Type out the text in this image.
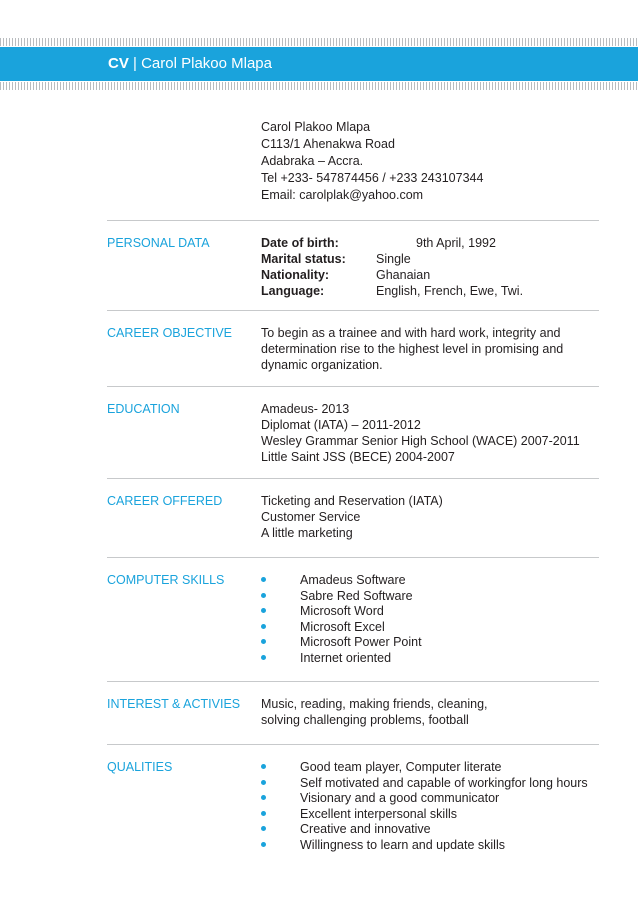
CV | Carol Plakoo Mlapa
Carol Plakoo Mlapa
C113/1 Ahenakwa Road
Adabraka – Accra.
Tel +233- 547874456 / +233 243107344
Email: carolplak@yahoo.com
PERSONAL DATA	Date of birth:	9th April, 1992
Marital status: Single
Nationality:	Ghanaian
Language:	English, French, Ewe, Twi.
CAREER OBJECTIVE To begin as a trainee and with hard work, integrity and
determination rise to the highest level in promising and
dynamic organization.
EDUCATION	Amadeus- 2013
Diplomat (IATA) – 2011-2012
Wesley Grammar Senior High School (WACE) 2007-2011
Little Saint JSS (BECE) 2004-2007
CAREER OFFERED	Ticketing and Reservation (IATA)
Customer Service
A little marketing
COMPUTER SKILLS	Amadeus Software
Sabre Red Software
Microsoft Word
Microsoft Excel
Microsoft Power Point
Internet oriented
INTEREST & ACTIVIES Music, reading, making friends, cleaning,
solving challenging problems, football
QUALITIES	Good team player, Computer literate
Self motivated and capable of workingfor long hours
Visionary and a good communicator
Excellent interpersonal skills
Creative and innovative
Willingness to learn and update skills
